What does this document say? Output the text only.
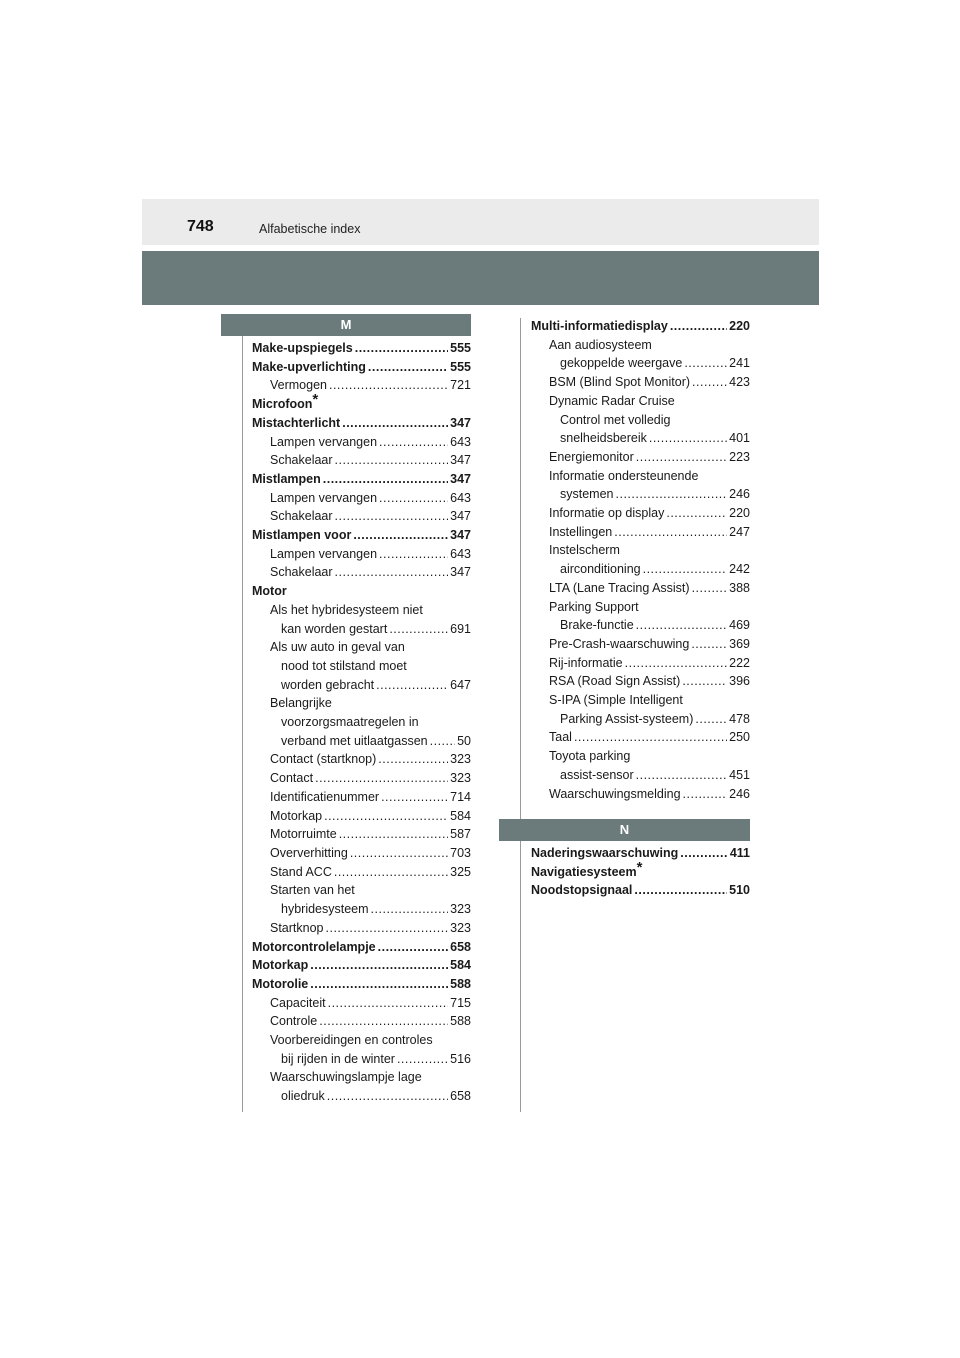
748	Alfabetische index
M
N
Make-upspiegels .....	555
Make-upverlichting .....	555
Vermogen .....	721
Microfoon*
Mistachterlicht .....	347
Lampen vervangen .....	643
Schakelaar .....	347
Mistlampen .....	347
Lampen vervangen .....	643
Schakelaar .....	347
Mistlampen voor .....	347
Lampen vervangen .....	643
Schakelaar .....	347
Motor
Als het hybridesysteem niet
kan worden gestart .....	691
Als uw auto in geval van
nood tot stilstand moet
worden gebracht .....	647
Belangrijke
voorzorgsmaatregelen in
verband met uitlaatgassen ..... 50
Contact (startknop) .....	323
Contact .....	323
Identificatienummer .....	714
Motorkap .....	584
Motorruimte .....	587
Oververhitting .....	703
Stand ACC .....	325
Starten van het
hybridesysteem .....	323
Startknop .....	323
Motorcontrolelampje .....	658
Motorkap .....	584
Motorolie .....	588
Capaciteit .....	715
Controle .....	588
Voorbereidingen en controles
bij rijden in de winter .....	516
Waarschuwingslampje lage
oliedruk .....	658
Multi-informatiedisplay .....	220
Aan audiosysteem
gekoppelde weergave .....	241
BSM (Blind Spot Monitor) .....	423
Dynamic Radar Cruise
Control met volledig
snelheidsbereik .....	401
Energiemonitor .....	223
Informatie ondersteunende
systemen .....	246
Informatie op display .....	220
Instellingen .....	247
Instelscherm
airconditioning .....	242
LTA (Lane Tracing Assist) .....	388
Parking Support
Brake-functie .....	469
Pre-Crash-waarschuwing .....	369
Rij-informatie .....	222
RSA (Road Sign Assist) .....	396
S-IPA (Simple Intelligent
Parking Assist-systeem) .....	478
Taal .....	250
Toyota parking
assist-sensor .....	451
Waarschuwingsmelding .....	246
Naderingswaarschuwing .....	411
Navigatiesysteem*
Noodstopsignaal .....	510
